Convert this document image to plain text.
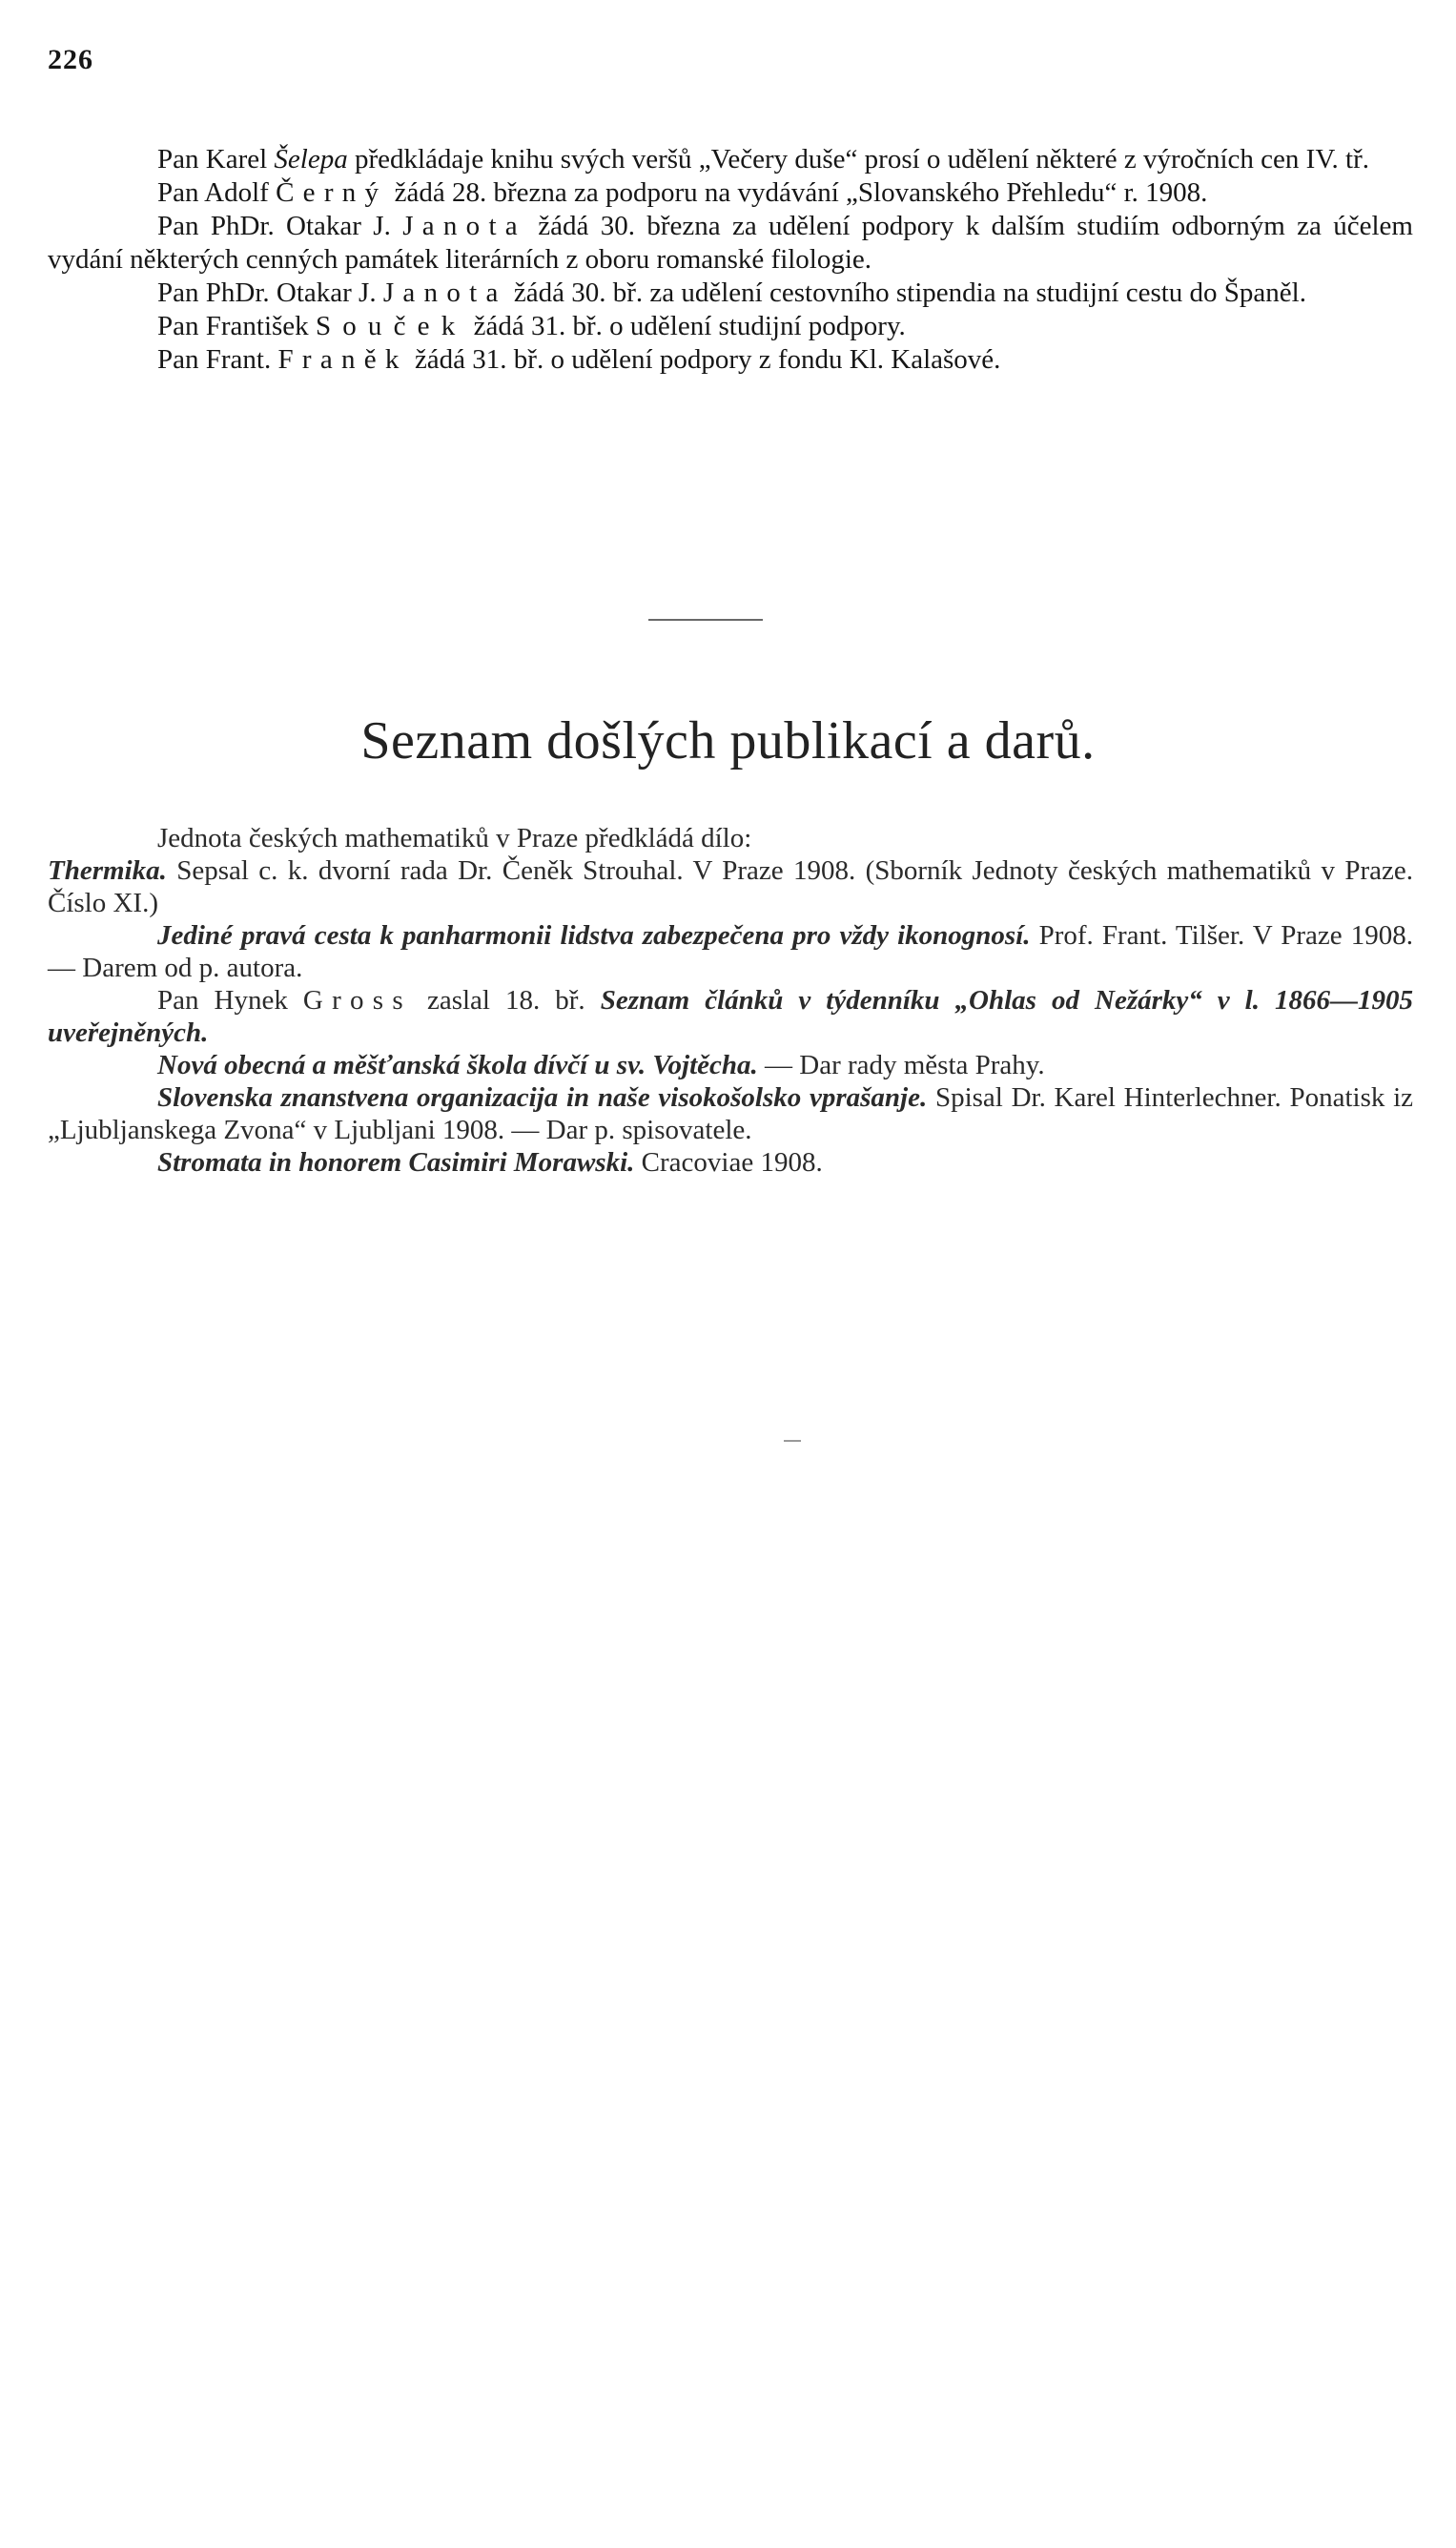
226

Pan Karel Šelepa předkládaje knihu svých veršů „Večery duše“ prosí o udělení některé z výročních cen IV. tř.

Pan Adolf Černý žádá 28. března za podporu na vydávání „Slovanského Přehledu“ r. 1908.

Pan PhDr. Otakar J. Janota žádá 30. března za udělení podpory k dalším studiím odborným za účelem vydání některých cenných památek literárních z oboru romanské filologie.

Pan PhDr. Otakar J. Janota žádá 30. bř. za udělení cestovního stipendia na studijní cestu do Španěl.

Pan František Souček žádá 31. bř. o udělení studijní podpory.

Pan Frant. Franěk žádá 31. bř. o udělení podpory z fondu Kl. Kalašové.

Seznam došlých publikací a darů.

Jednota českých mathematiků v Praze předkládá dílo:
Thermika. Sepsal c. k. dvorní rada Dr. Čeněk Strouhal. V Praze 1908. (Sborník Jednoty českých mathematiků v Praze. Číslo XI.)

Jediné pravá cesta k panharmonii lidstva zabezpečena pro vždy ikonognosí. Prof. Frant. Tilšer. V Praze 1908. — Darem od p. autora.

Pan Hynek Gross zaslal 18. bř. Seznam článků v týdenníku „Ohlas od Nežárky“ v l. 1866—1905 uveřejněných.

Nová obecná a měšťanská škola dívčí u sv. Vojtěcha. — Dar rady města Prahy.

Slovenska znanstvena organizacija in naše visokošolsko vprašanje. Spisal Dr. Karel Hinterlechner. Ponatisk iz „Ljubljanskega Zvona“ v Ljubljani 1908. — Dar p. spisovatele.

Stromata in honorem Casimiri Morawski. Cracoviae 1908.
